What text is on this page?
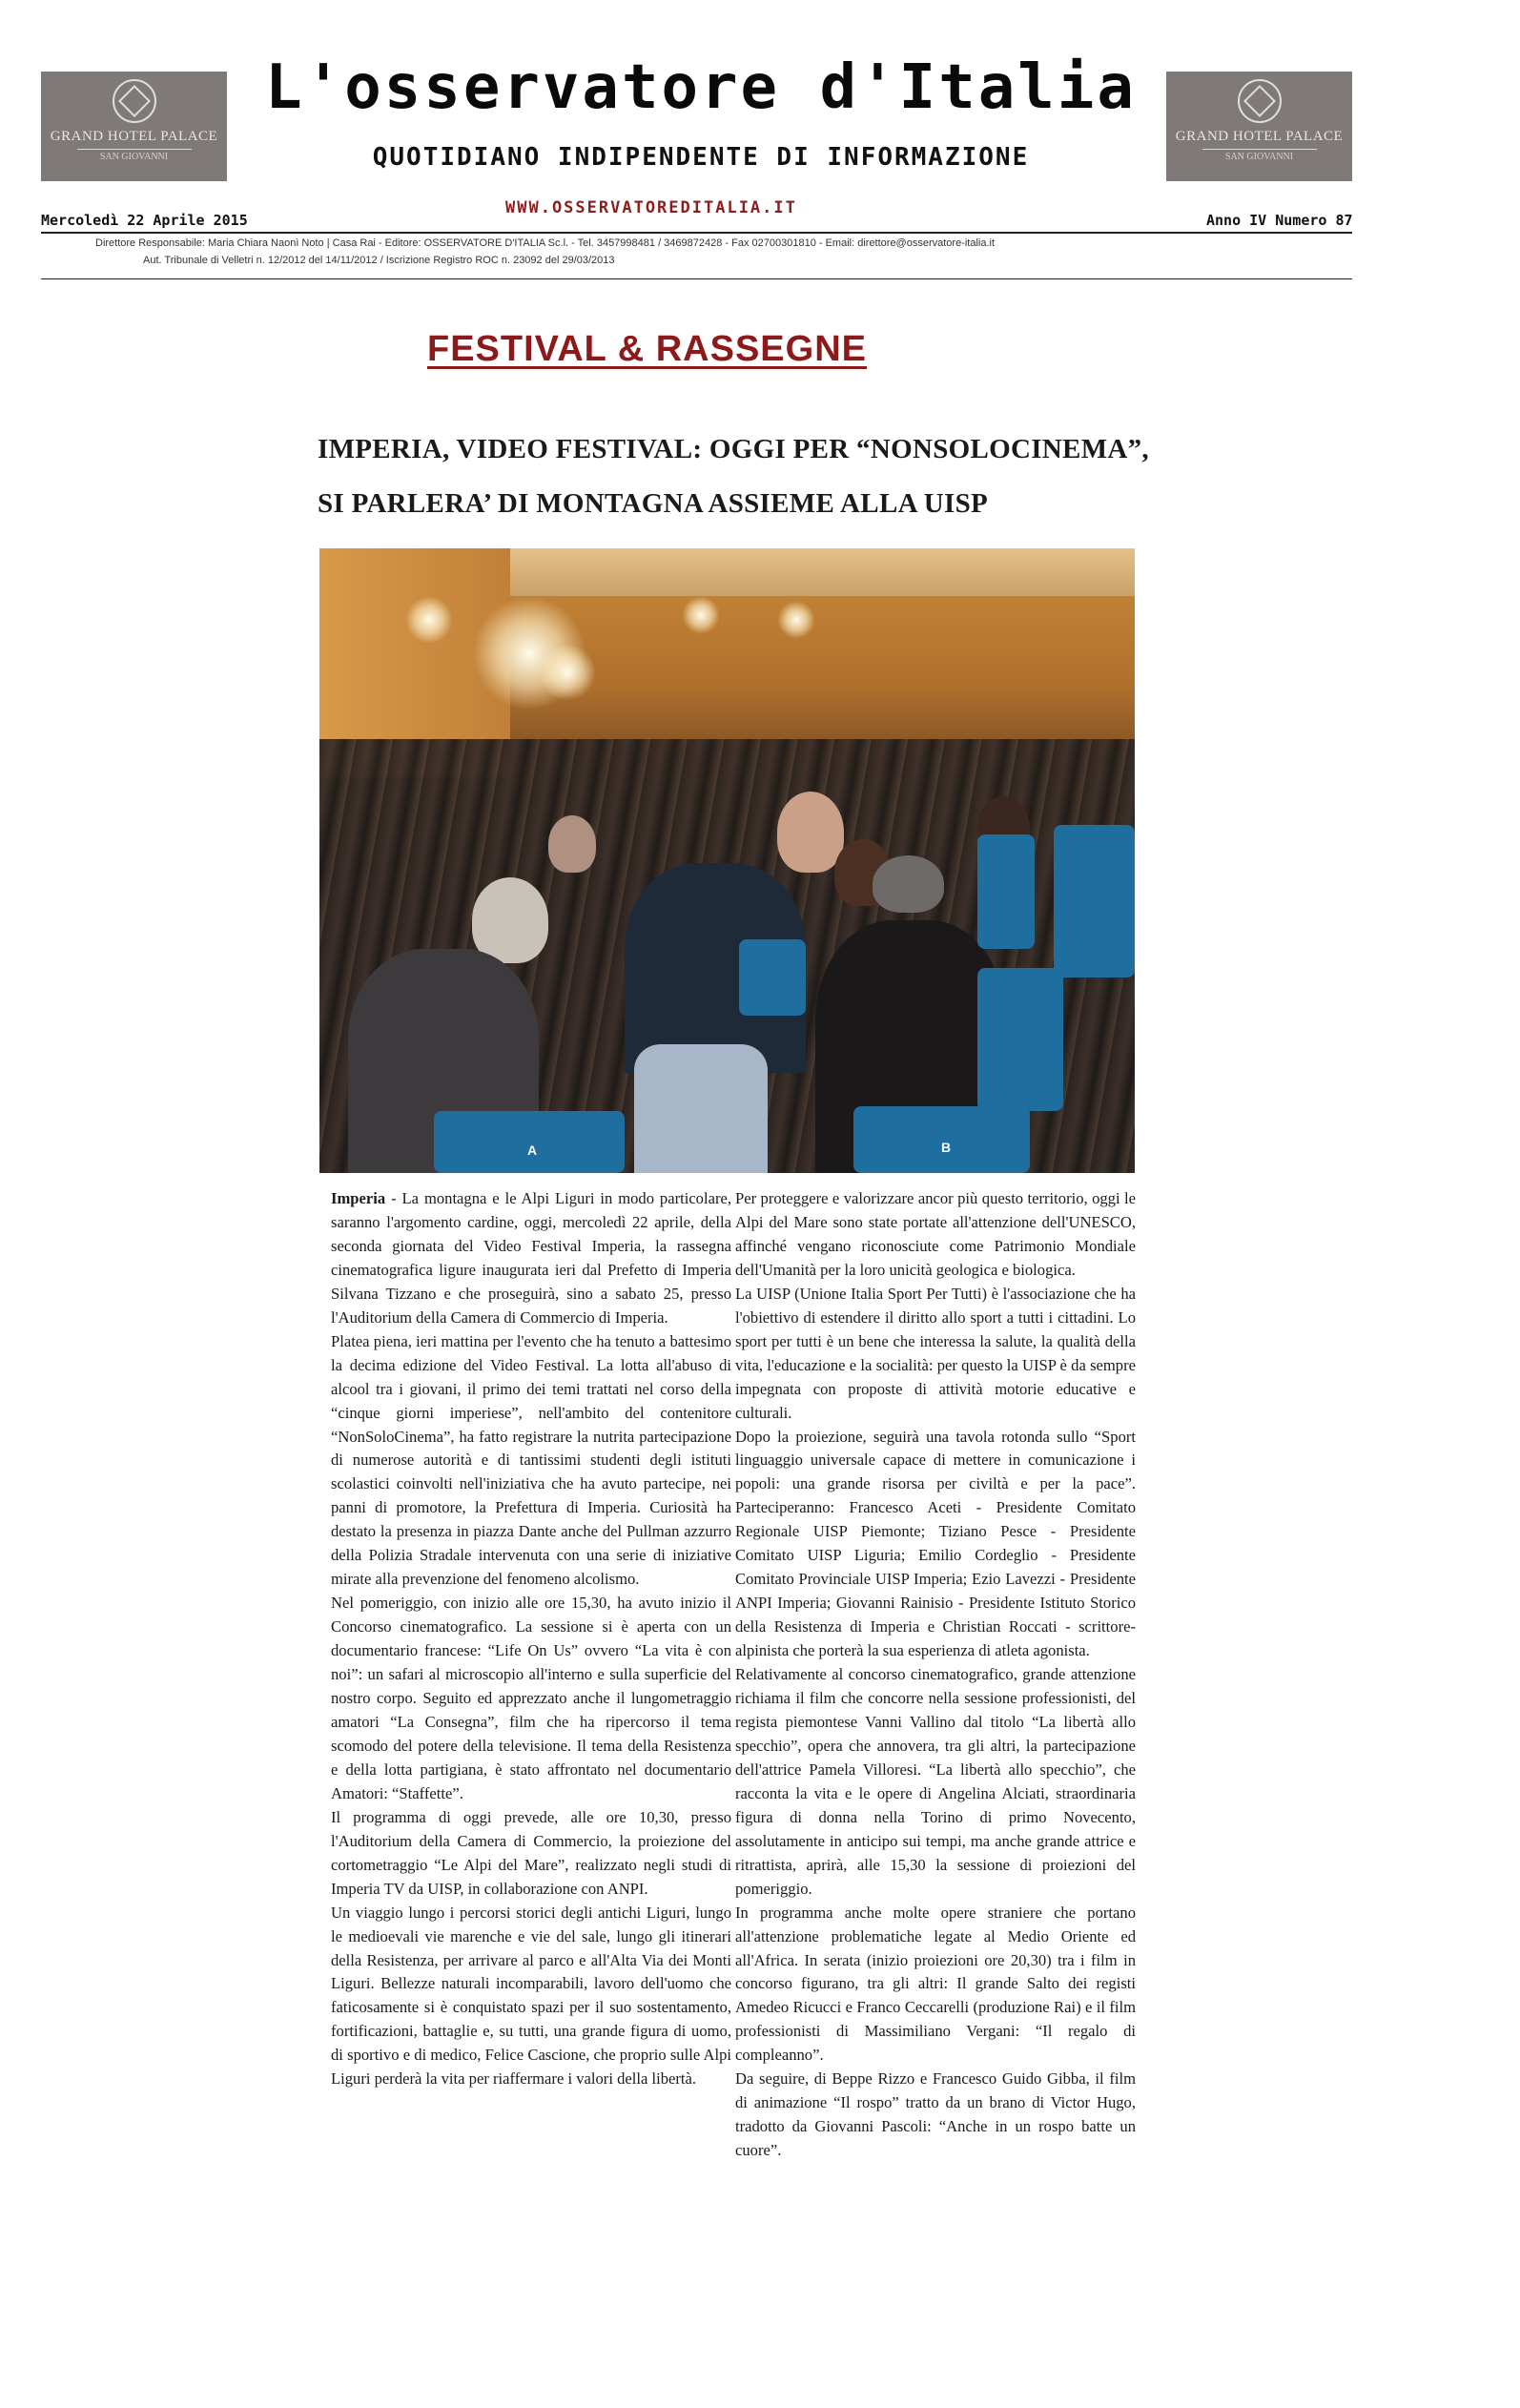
GRAND HOTEL PALACE
SAN GIOVANNI
GRAND HOTEL PALACE
SAN GIOVANNI
L'osservatore d'Italia
QUOTIDIANO INDIPENDENTE DI INFORMAZIONE
Mercoledì 22 Aprile 2015
WWW.OSSERVATOREDITALIA.IT
Anno IV Numero 87
Direttore Responsabile: Maria Chiara Naonì Noto | Casa Rai - Editore: OSSERVATORE D'ITALIA Sc.l. - Tel. 3457998481 / 3469872428 - Fax 02700301810 - Email: direttore@osservatore-italia.it
Aut. Tribunale di Velletri n. 12/2012 del 14/11/2012 / Iscrizione Registro ROC n. 23092 del 29/03/2013
FESTIVAL & RASSEGNE
IMPERIA, VIDEO FESTIVAL: OGGI PER “NONSOLOCINEMA”,
SI PARLERA’ DI MONTAGNA ASSIEME ALLA UISP
A	B

Imperia - La montagna e le Alpi Liguri in modo particolare, saranno l'argomento cardine, oggi, mercoledì 22 aprile, della seconda giornata del Video Festival Imperia, la rassegna cinematografica ligure inaugurata ieri dal Prefetto di Imperia Silvana Tizzano e che proseguirà, sino a sabato 25, presso l'Auditorium della Camera di Commercio di Imperia.

Platea piena, ieri mattina per l'evento che ha tenuto a battesimo la decima edizione del Video Festival. La lotta all'abuso di alcool tra i giovani, il primo dei temi trattati nel corso della “cinque giorni imperiese”, nell'ambito del contenitore “NonSoloCinema”, ha fatto registrare la nutrita partecipazione di numerose autorità e di tantissimi studenti degli istituti scolastici coinvolti nell'iniziativa che ha avuto partecipe, nei panni di promotore, la Prefettura di Imperia. Curiosità ha destato la presenza in piazza Dante anche del Pullman azzurro della Polizia Stradale intervenuta con una serie di iniziative mirate alla prevenzione del fenomeno alcolismo.

Nel pomeriggio, con inizio alle ore 15,30, ha avuto inizio il Concorso cinematografico. La sessione si è aperta con un documentario francese: “Life On Us” ovvero “La vita è con noi”: un safari al microscopio all'interno e sulla superficie del nostro corpo. Seguito ed apprezzato anche il lungometraggio amatori “La Consegna”, film che ha ripercorso il tema scomodo del potere della televisione. Il tema della Resistenza e della lotta partigiana, è stato affrontato nel documentario Amatori: “Staffette”.

Il programma di oggi prevede, alle ore 10,30, presso l'Auditorium della Camera di Commercio, la proiezione del cortometraggio “Le Alpi del Mare”, realizzato negli studi di Imperia TV da UISP, in collaborazione con ANPI.

Un viaggio lungo i percorsi storici degli antichi Liguri, lungo le medioevali vie marenche e vie del sale, lungo gli itinerari della Resistenza, per arrivare al parco e all'Alta Via dei Monti Liguri. Bellezze naturali incomparabili, lavoro dell'uomo che faticosamente si è conquistato spazi per il suo sostentamento, fortificazioni, battaglie e, su tutti, una grande figura di uomo, di sportivo e di medico, Felice Cascione, che proprio sulle Alpi Liguri perderà la vita per riaffermare i valori della libertà.

Per proteggere e valorizzare ancor più questo territorio, oggi le Alpi del Mare sono state portate all'attenzione dell'UNESCO, affinché vengano riconosciute come Patrimonio Mondiale dell'Umanità per la loro unicità geologica e biologica.

La UISP (Unione Italia Sport Per Tutti) è l'associazione che ha l'obiettivo di estendere il diritto allo sport a tutti i cittadini. Lo sport per tutti è un bene che interessa la salute, la qualità della vita, l'educazione e la socialità: per questo la UISP è da sempre impegnata con proposte di attività motorie educative e culturali.

Dopo la proiezione, seguirà una tavola rotonda sullo “Sport linguaggio universale capace di mettere in comunicazione i popoli: una grande risorsa per civiltà e per la pace”. Parteciperanno: Francesco Aceti - Presidente Comitato Regionale UISP Piemonte; Tiziano Pesce - Presidente Comitato UISP Liguria; Emilio Cordeglio - Presidente Comitato Provinciale UISP Imperia; Ezio Lavezzi - Presidente ANPI Imperia; Giovanni Rainisio - Presidente Istituto Storico della Resistenza di Imperia e Christian Roccati - scrittore-alpinista che porterà la sua esperienza di atleta agonista.

Relativamente al concorso cinematografico, grande attenzione richiama il film che concorre nella sessione professionisti, del regista piemontese Vanni Vallino dal titolo “La libertà allo specchio”, opera che annovera, tra gli altri, la partecipazione dell'attrice Pamela Villoresi. “La libertà allo specchio”, che racconta la vita e le opere di Angelina Alciati, straordinaria figura di donna nella Torino di primo Novecento, assolutamente in anticipo sui tempi, ma anche grande attrice e ritrattista, aprirà, alle 15,30 la sessione di proiezioni del pomeriggio.

In programma anche molte opere straniere che portano all'attenzione problematiche legate al Medio Oriente ed all'Africa. In serata (inizio proiezioni ore 20,30) tra i film in concorso figurano, tra gli altri: Il grande Salto dei registi Amedeo Ricucci e Franco Ceccarelli (produzione Rai) e il film professionisti di Massimiliano Vergani: “Il regalo di compleanno”.

Da seguire, di Beppe Rizzo e Francesco Guido Gibba, il film di animazione “Il rospo” tratto da un brano di Victor Hugo, tradotto da Giovanni Pascoli: “Anche in un rospo batte un cuore”.
